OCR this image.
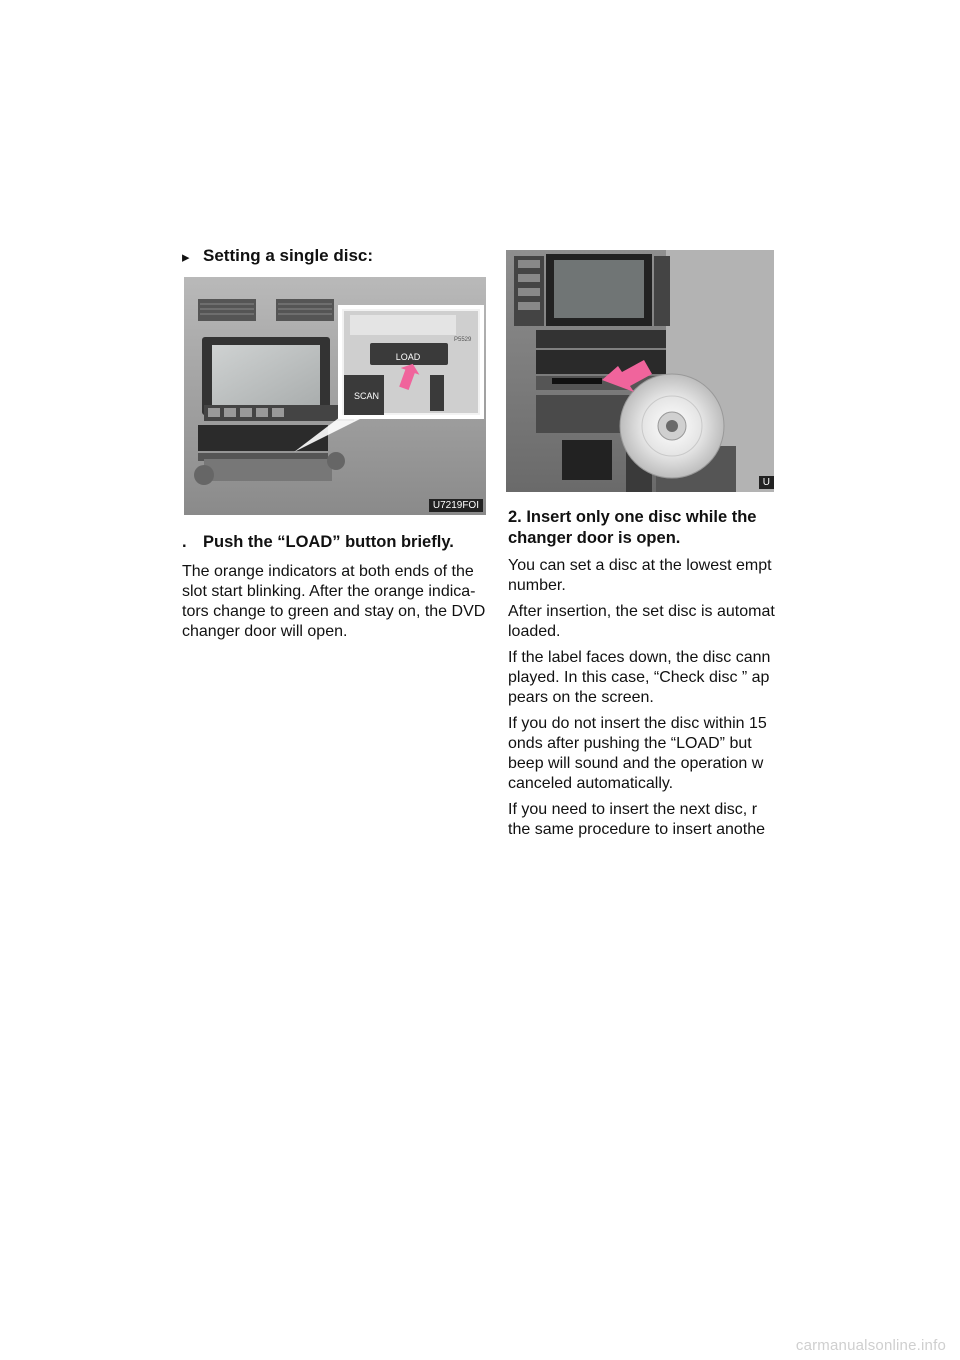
▸ Setting a single disc:
LOAD
SCAN
P5529
U7219FOI
. Push the “LOAD” button briefly.
The orange indicators at both ends of the
slot start blinking. After the orange indica-
tors change to green and stay on, the DVD
changer door will open.
U
2. Insert only one disc while the
changer door is open.
You can set a disc at the lowest empt
number.
After insertion, the set disc is automat
loaded.
If the label faces down, the disc cann
played. In this case, “Check disc ” ap
pears on the screen.
If you do not insert the disc within 15
onds after pushing the “LOAD” but
beep will sound and the operation w
canceled automatically.
If you need to insert the next disc, r
the same procedure to insert anothe
carmanualsonline.info
